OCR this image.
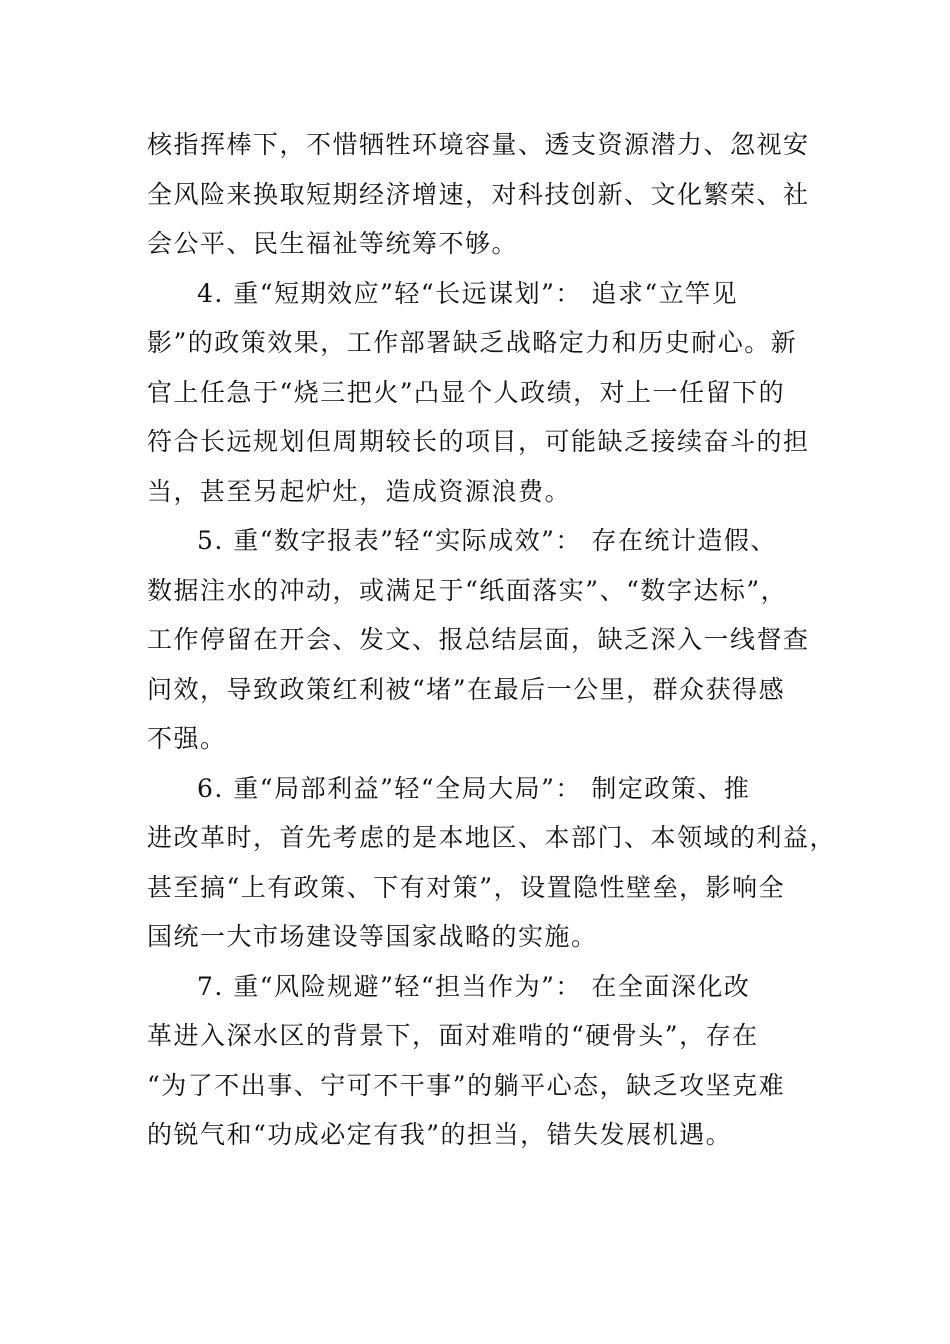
核指挥棒下，不惜牺牲环境容量、透支资源潜力、忽视安
全风险来换取短期经济增速，对科技创新、文化繁荣、社
会公平、民生福祉等统筹不够。
4. 重“短期效应”轻“长远谋划”： 追求“立竿见
影”的政策效果，工作部署缺乏战略定力和历史耐心。新
官上任急于“烧三把火”凸显个人政绩，对上一任留下的
符合长远规划但周期较长的项目，可能缺乏接续奋斗的担
当，甚至另起炉灶，造成资源浪费。
5. 重“数字报表”轻“实际成效”： 存在统计造假、
数据注水的冲动，或满足于“纸面落实”、“数字达标”，
工作停留在开会、发文、报总结层面，缺乏深入一线督查
问效，导致政策红利被“堵”在最后一公里，群众获得感
不强。
6. 重“局部利益”轻“全局大局”： 制定政策、推
进改革时，首先考虑的是本地区、本部门、本领域的利益，
甚至搞“上有政策、下有对策”，设置隐性壁垒，影响全
国统一大市场建设等国家战略的实施。
7. 重“风险规避”轻“担当作为”： 在全面深化改
革进入深水区的背景下，面对难啃的“硬骨头”，存在
“为了不出事、宁可不干事”的躺平心态，缺乏攻坚克难
的锐气和“功成必定有我”的担当，错失发展机遇。
